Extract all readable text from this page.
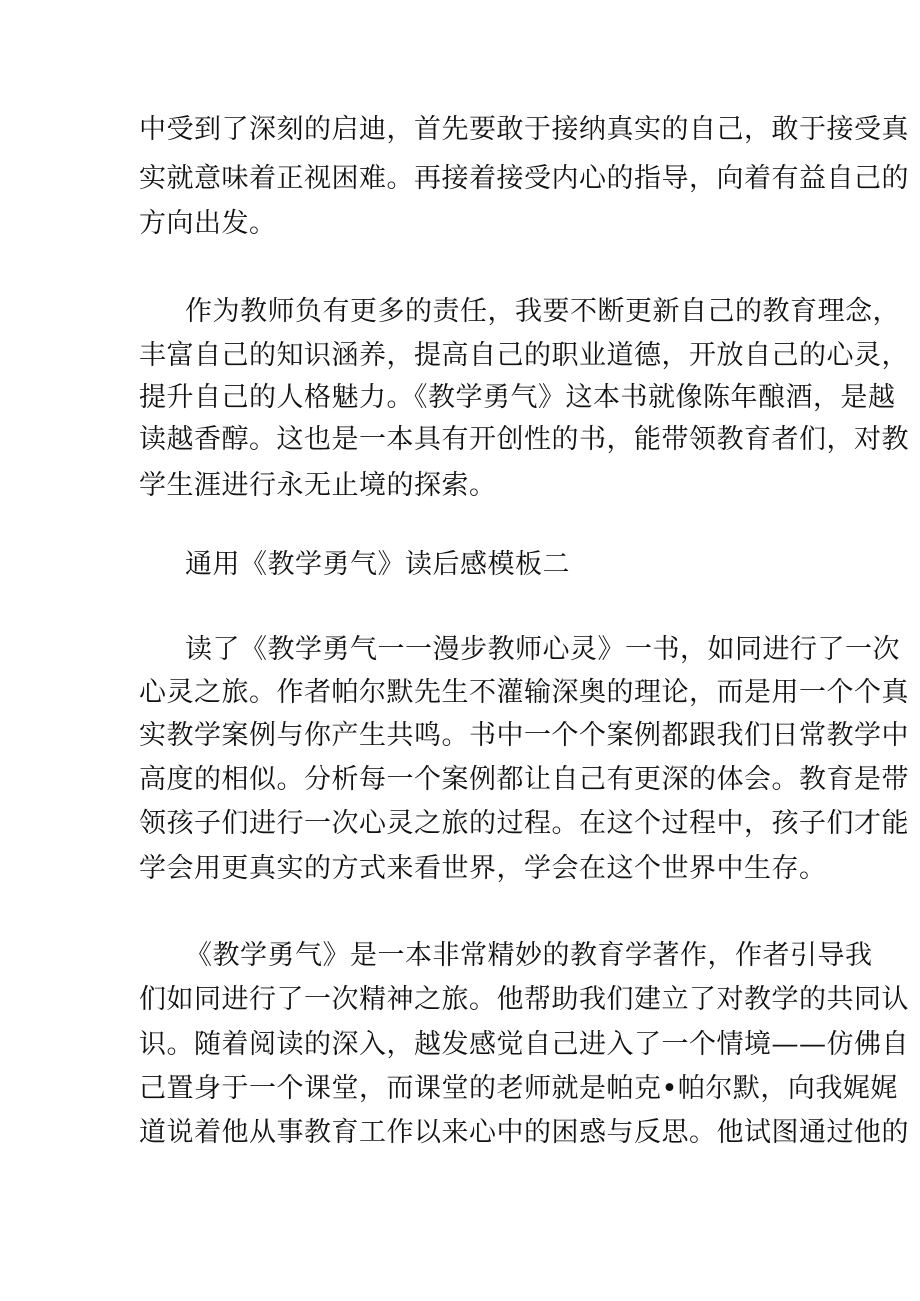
中受到了深刻的启迪，首先要敢于接纳真实的自己，敢于接受真
实就意味着正视困难。再接着接受内心的指导，向着有益自己的
方向出发。
作为教师负有更多的责任，我要不断更新自己的教育理念，
丰富自己的知识涵养，提高自己的职业道德，开放自己的心灵，
提升自己的人格魅力。《教学勇气》这本书就像陈年酿酒，是越
读越香醇。这也是一本具有开创性的书，能带领教育者们，对教
学生涯进行永无止境的探索。
通用《教学勇气》读后感模板二
读了《教学勇气一一漫步教师心灵》一书，如同进行了一次
心灵之旅。作者帕尔默先生不灌输深奥的理论，而是用一个个真
实教学案例与你产生共鸣。书中一个个案例都跟我们日常教学中
高度的相似。分析每一个案例都让自己有更深的体会。教育是带
领孩子们进行一次心灵之旅的过程。在这个过程中，孩子们才能
学会用更真实的方式来看世界，学会在这个世界中生存。
《教学勇气》是一本非常精妙的教育学著作，作者引导我
们如同进行了一次精神之旅。他帮助我们建立了对教学的共同认
识。随着阅读的深入，越发感觉自己进入了一个情境——仿佛自
己置身于一个课堂，而课堂的老师就是帕克•帕尔默，向我娓娓
道说着他从事教育工作以来心中的困惑与反思。他试图通过他的
